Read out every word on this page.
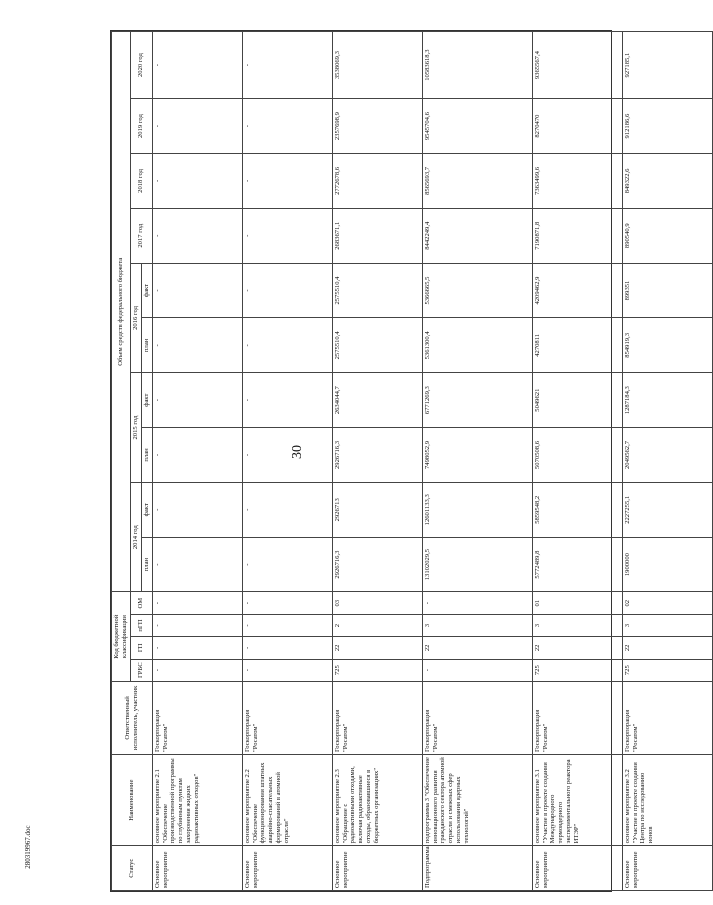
30
280319967.doc	Статус	Наименование	Ответственный исполнитель, участник	Код бюджетной классификации				Объем средств федерального бюджета									
			ГРБС	ГП	пГП	ОМ	2014 год		2015 год		2016 год		2017 год	2018 год	2019 год	2020 год
							план	факт	план	факт	план	факт				
Основное мероприятие	основное мероприятие 2.1 "Обеспечение производственной программы по глубинным пунктам захоронения жидких радиоактивных отходов"	Госкорпорация "Росатом"	-	-	-	-	-	-	-	-	-	-	-	-	-	-
Основное мероприятие	основное мероприятие 2.2 "Обеспечение функционирования штатных аварийно-спасательных формирований в атомной отрасли"	Госкорпорация "Росатом"	-	-	-	-	-	-	-	-	-	-	-	-	-	-
Основное мероприятие	основное мероприятие 2.3 "Обращение с радиоактивными отходами, включая радиоактивные отходы, образовавшиеся в бюджетных организациях"	Госкорпорация "Росатом"	725	22	2	03	2926716,3	2926713	2926716,3	2634044,7	2575510,4	2575510,4	2683671,1	2772678,6	2357698,9	3538069,3
Подпрограмма	подпрограмма 3 "Обеспечение инновационного развития гражданского сектора атомной отрасли и смежных сфер использования ядерных технологий"	Госкорпорация "Росатом"	-	22	3	-	13102029,5	12601133,3	7498052,9	6771269,3	5361300,4	5366665,5	8442249,4	8565693,7	9545704,6	10583618,3
Основное мероприятие	основное мероприятие 3.1 "Участие в проекте создания Международного термоядерного экспериментального реактора ИТЭР"	Госкорпорация "Росатом"	725	22	3	01	5772489,8	5859548,2	5070508,6	5049621	4270811	4209462,9	7190871,8	7363499,6	8270470	9365567,4
Основное мероприятие	основное мероприятие 3.2 "Участие в проекте создания Центра по исследованию ионов	Госкорпорация "Росатом"	725	22	3	02	1900000	2227255,1	2049562,7	1287184,3	854919,3	899351	890540,9	849322,6	912186,6	927185,1
